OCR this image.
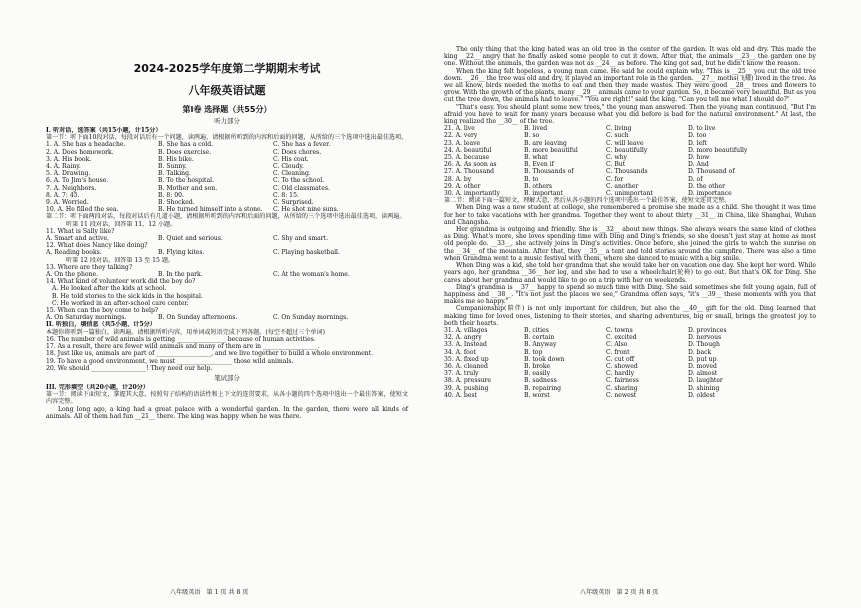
2024-2025学年度第二学期期末考试
八年级英语试题
第Ⅰ卷 选择题（共55分）
听力部分
I. 听对话，选答案（共15小题，计15分）
第一节：听下面10段对话，每段对话后有一个问题，读两遍，请根据所听到的内容和后面的问题，从所给的三个选项中选出最佳选项。
1. A. She has a headache.	B. She has a cold.	C. She has a fever.
2. A. Does homework.	B. Does exercise.	C. Does chores.
3. A. His book.	B. His bike.	C. His coat.
4. A. Rainy.	B. Sunny.	C. Cloudy.
5. A. Drawing.	B. Talking.	C. Cleaning.
6. A. To Jim's house.	B. To the hospital.	C. To the school.
7. A. Neighbors.	B. Mother and son.	C. Old classmates.
8. A. 7: 45.	B. 8: 00.	C. 8: 15.
9. A. Worried.	B. Shocked.	C. Surprised.
10. A. He filled the sea.	B. He turned himself into a stone.	C. He shot nine suns.
第二节：听下面两段对话，每段对话后有几道小题，请根据所听到的内容和后面的问题，从所给的三个选项中选出最佳选项，读两遍。
听第 11 段对话，回答第 11、12 小题。
11. What is Sally like?
A. Smart and active.	B. Quiet and serious.	C. Shy and smart.
12. What does Nancy like doing?
A. Reading books.	B. Flying kites.	C. Playing basketball.
听第 12 段对话，回答第 13 至 15 题。
13. Where are they talking?
A. On the phone.	B. In the park.	C. At the woman's home.
14. What kind of volunteer work did the boy do?
A. He looked after the kids at school.
B. He told stories to the sick kids in the hospital.
C. He worked in an after-school care center.
15. When can the boy come to help?
A. On Saturday mornings.	B. On Sunday afternoons.	C. On Sunday mornings.
II. 听独白，填信息（共5小题，计5分）
本题你将听到一篇独白，读两遍。请根据所听内容，用单词或短语完成下列各题。(每空不超过三个单词)
16. The number of wild animals is getting ________________ because of human activities.
17. As a result, there are fewer wild animals and many of them are in __________________.
18. Just like us, animals are part of __________________, and we live together to build a whole environment.
19. To have a good environment, we must __________________ those wild animals.
20. We should __________________! They need our help.
笔试部分
III. 完形填空（共20小题，计20分）
第一节：阅读下面短文，掌握其大意，按照句子结构的语法性和上下文的连贯要求，从各小题的四个选项中选出一个最佳答案，使短文内容完整。
Long long ago, a king had a great palace with a wonderful garden. In the garden, there were all kinds of animals. All of them had fun __21__ there. The king was happy when he was there.
八年级英语　第 1 页 共 8 页
The only thing that the king hated was an old tree in the center of the garden. It was old and dry. This made the king __22__ angry that he finally asked some people to cut it down. After that, the animals __23__ the garden one by one. Without the animals, the garden was not as __24__ as before. The king got sad, but he didn't know the reason.
When the king felt hopeless, a young man came. He said he could explain why. "This is __25__ you cut the old tree down. __26__ the tree was old and dry, it played an important role in the garden. __27__ moths(飞蛾) lived in the tree. As we all know, birds needed the moths to eat and then they made wastes. They were good __28__ trees and flowers to grow. With the growth of the plants, many __29__ animals came to your garden. So, it became very beautiful. But as you cut the tree down, the animals had to leave." "You are right!" said the king. "Can you tell me what I should do?"
"That's easy. You should plant some new trees," the young man answered. Then the young man continued, "But I'm afraid you have to wait for many years because what you did before is bad for the natural environment." At last, the king realized the __30__ of the tree.
21. A. live	B. lived	C. living	D. to live
22. A. very	B. so	C. such	D. too
23. A. leave	B. are leaving	C. will leave	D. left
24. A. beautiful	B. more beautiful	C. beautifully	D. more beautifully
25. A. because	B. what	C. why	D. how
26. A. As soon as	B. Even if	C. But	D. And
27. A. Thousand	B. Thousands of	C. Thousands	D. Thousand of
28. A. by	B. to	C. for	D. of
29. A. other	B. others	C. another	D. the other
30. A. importantly	B. important	C. unimportant	D. importance
第二节：阅读下面一篇短文，理解大意，然后从各小题的四个选项中选出一个最佳答案，使短文连贯完整。
When Ding was a new student at college, she remembered a promise she made as a child. She thought it was time for her to take vacations with her grandma. Together they went to about thirty __31__ in China, like Shanghai, Wuhan and Changsha.
Her grandma is outgoing and friendly. She is __32__ about new things. She always wears the same kind of clothes as Ding. What's more, she loves spending time with Ding and Ding's friends, so she doesn't just stay at home as most old people do. __33__, she actively joins in Ding's activities. Once before, she joined the girls to watch the sunrise on the __34__ of the mountain. After that, they __35__ a tent and told stories around the campfire. There was also a time when Grandma went to a music festival with them, where she danced to music with a big smile.
When Ding was a kid, she told her grandma that she would take her on vacation one day. She kept her word. While years ago, her grandma __36__ her leg, and she had to use a wheelchair(轮椅) to go out. But that's OK for Ding. She cares about her grandma and would like to go on a trip with her on weekends.
Ding's grandma is __37__ happy to spend so much time with Ding. She said sometimes she felt young again, full of happiness and __38__. "It's not just the places we see," Grandma often says, "it's __39__ these moments with you that makes me so happy."
Companionship(陪伴) is not only important for children, but also the __40__ gift for the old. Ding learned that making time for loved ones, listening to their stories, and sharing adventures, big or small, brings the greatest joy to both their hearts.
31. A. villages	B. cities	C. towns	D. provinces
32. A. angry	B. certain	C. excited	D. nervous
33. A. Instead	B. Anyway	C. Also	D. Though
34. A. foot	B. top	C. front	D. back
35. A. fixed up	B. took down	C. cut off	D. put up
36. A. cleaned	B. broke	C. showed	D. moved
37. A. truly	B. easily	C. hardly	D. almost
38. A. pressure	B. sadness	C. fairness	D. laughter
39. A. pushing	B. repairing	C. sharing	D. shining
40. A. best	B. worst	C. newest	D. oldest
八年级英语　第 2 页 共 8 页
